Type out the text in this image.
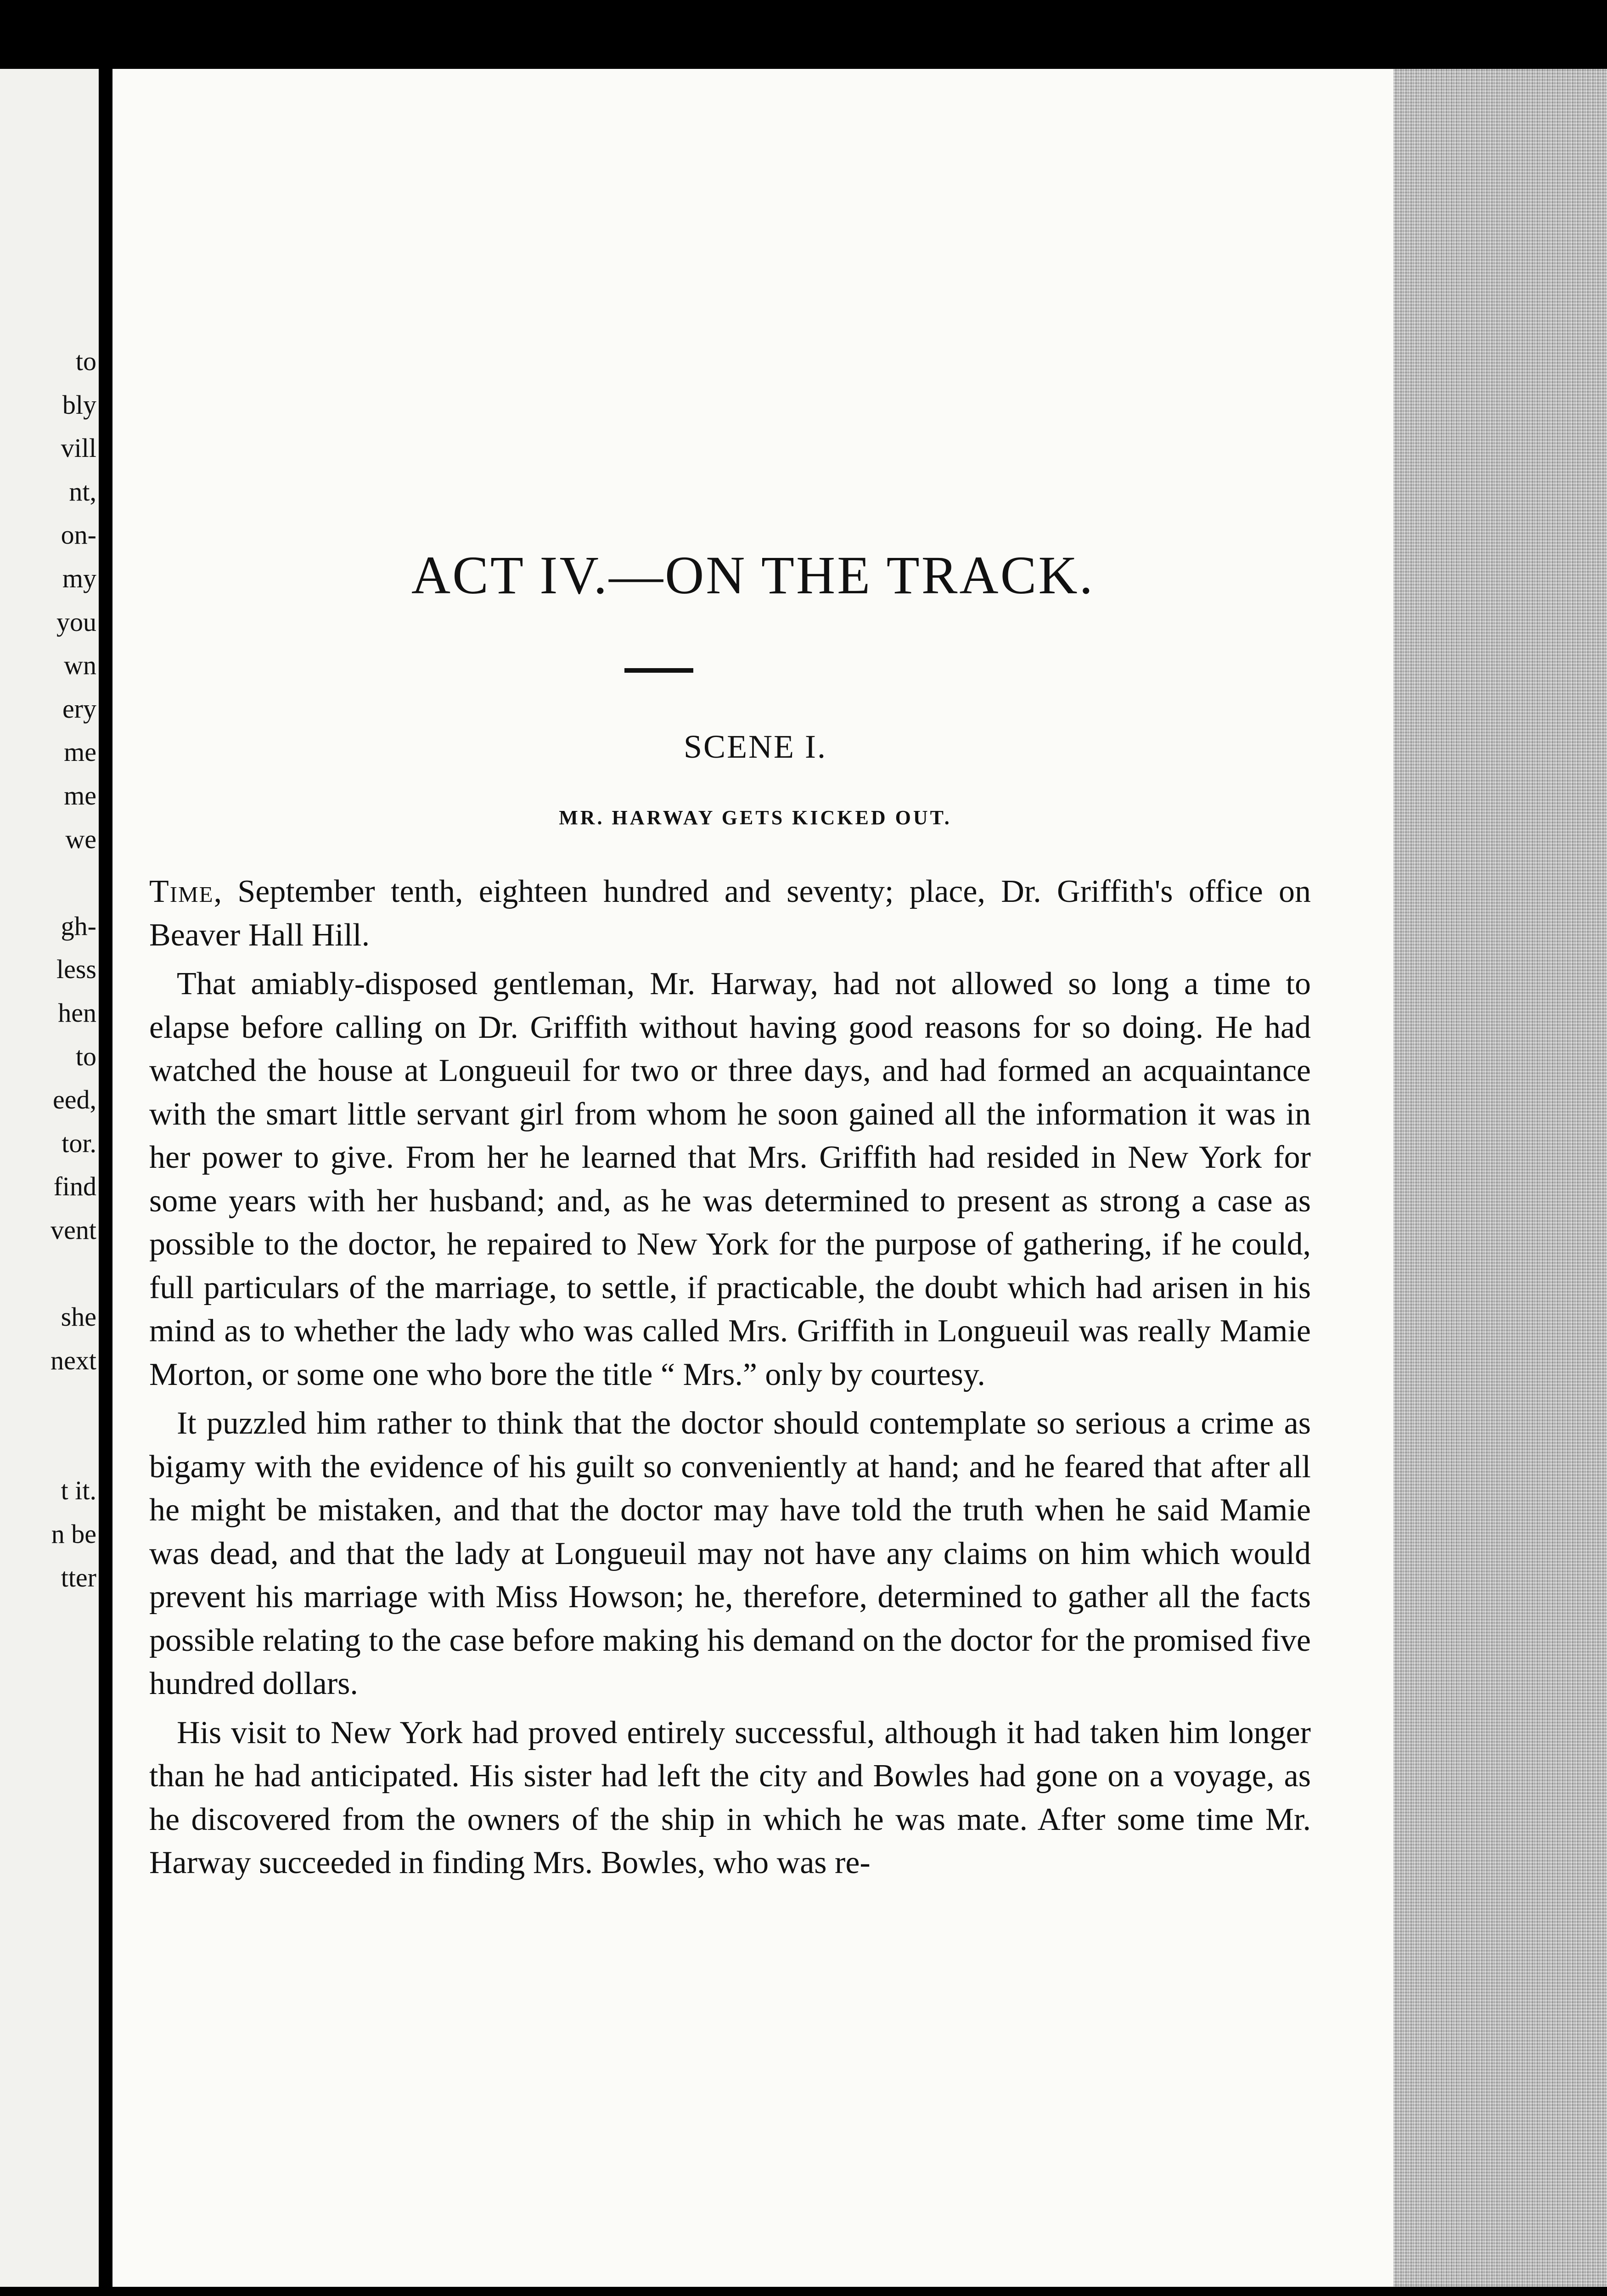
to
bly
vill
nt,
on-
my
you
wn
ery
me
me
we
gh-
less
hen
to
eed,
tor.
find
vent
she
next
t it.
n be
tter
ACT IV.—ON THE TRACK.
SCENE I.
MR. HARWAY GETS KICKED OUT.

Time, September tenth, eighteen hundred and seventy; place, Dr. Griffith's office on Beaver Hall Hill.

That amiably-disposed gentleman, Mr. Harway, had not allowed so long a time to elapse before calling on Dr. Griffith without having good reasons for so doing. He had watched the house at Longueuil for two or three days, and had formed an acquaintance with the smart little servant girl from whom he soon gained all the information it was in her power to give. From her he learned that Mrs. Griffith had resided in New York for some years with her husband; and, as he was determined to present as strong a case as possible to the doctor, he repaired to New York for the purpose of gathering, if he could, full particulars of the marriage, to settle, if practicable, the doubt which had arisen in his mind as to whether the lady who was called Mrs. Griffith in Longueuil was really Mamie Morton, or some one who bore the title “ Mrs.” only by courtesy.

It puzzled him rather to think that the doctor should contemplate so serious a crime as bigamy with the evidence of his guilt so conveniently at hand; and he feared that after all he might be mistaken, and that the doctor may have told the truth when he said Mamie was dead, and that the lady at Longueuil may not have any claims on him which would prevent his marriage with Miss Howson; he, therefore, determined to gather all the facts possible relating to the case before making his demand on the doctor for the promised five hundred dollars.

His visit to New York had proved entirely successful, although it had taken him longer than he had anticipated. His sister had left the city and Bowles had gone on a voyage, as he discovered from the owners of the ship in which he was mate. After some time Mr. Harway succeeded in finding Mrs. Bowles, who was re-
